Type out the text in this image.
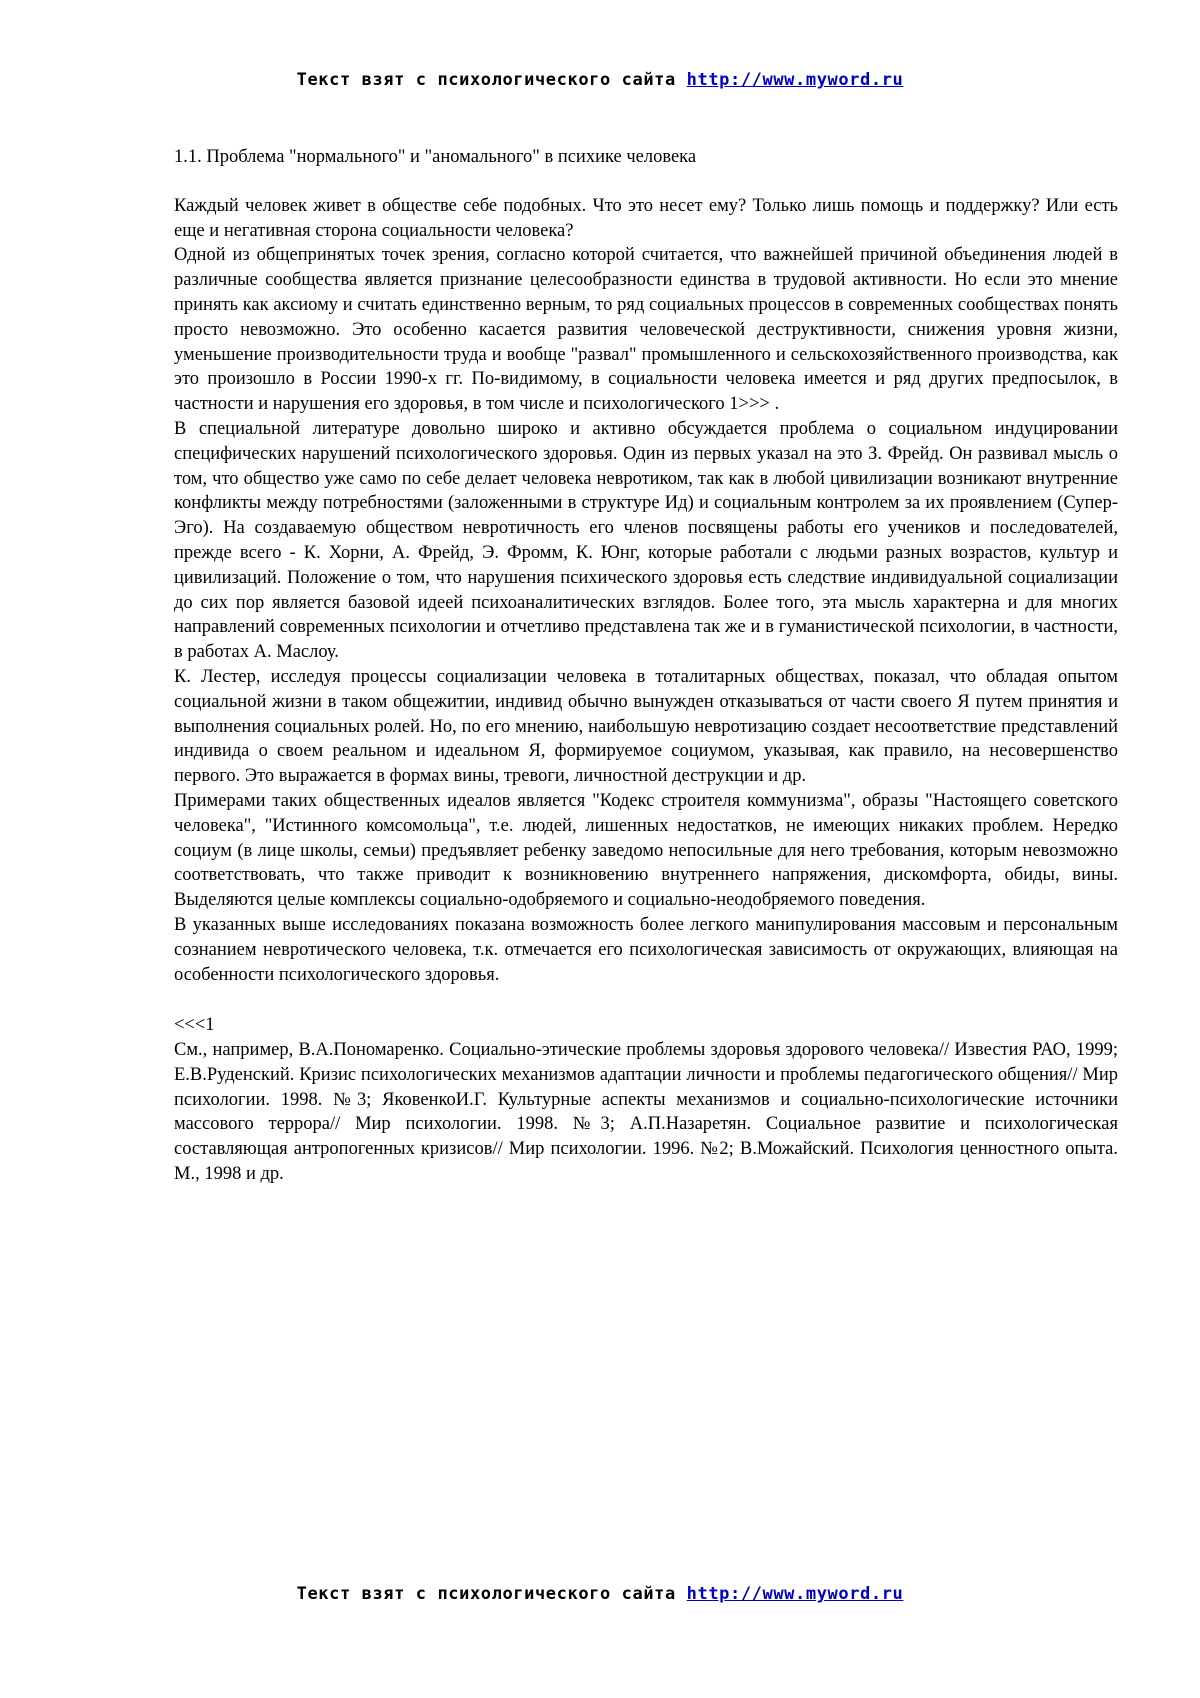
Текст взят с психологического сайта http://www.myword.ru
1.1. Проблема "нормального" и "аномального" в психике человека

Каждый человек живет в обществе себе подобных. Что это несет ему? Только лишь помощь и поддержку? Или есть еще и негативная сторона социальности человека?

Одной из общепринятых точек зрения, согласно которой считается, что важнейшей причиной объединения людей в различные сообщества является признание целесообразности единства в трудовой активности. Но если это мнение принять как аксиому и считать единственно верным, то ряд социальных процессов в современных сообществах понять просто невозможно. Это особенно касается развития человеческой деструктивности, снижения уровня жизни, уменьшение производительности труда и вообще "развал" промышленного и сельскохозяйственного производства, как это произошло в России 1990-х гг. По-видимому, в социальности человека имеется и ряд других предпосылок, в частности и нарушения его здоровья, в том числе и психологического 1>>> .

В специальной литературе довольно широко и активно обсуждается проблема о социальном индуцировании специфических нарушений психологического здоровья. Один из первых указал на это З. Фрейд. Он развивал мысль о том, что общество уже само по себе делает человека невротиком, так как в любой цивилизации возникают внутренние конфликты между потребностями (заложенными в структуре Ид) и социальным контролем за их проявлением (Супер-Эго). На создаваемую обществом невротичность его членов посвящены работы его учеников и последователей, прежде всего - К. Хорни, А. Фрейд, Э. Фромм, К. Юнг, которые работали с людьми разных возрастов, культур и цивилизаций. Положение о том, что нарушения психического здоровья есть следствие индивидуальной социализации до сих пор является базовой идеей психоаналитических взглядов. Более того, эта мысль характерна и для многих направлений современных психологии и отчетливо представлена так же и в гуманистической психологии, в частности, в работах А. Маслоу.

К. Лестер, исследуя процессы социализации человека в тоталитарных обществах, показал, что обладая опытом социальной жизни в таком общежитии, индивид обычно вынужден отказываться от части своего Я путем принятия и выполнения социальных ролей. Но, по его мнению, наибольшую невротизацию создает несоответствие представлений индивида о своем реальном и идеальном Я, формируемое социумом, указывая, как правило, на несовершенство первого. Это выражается в формах вины, тревоги, личностной деструкции и др.

Примерами таких общественных идеалов является "Кодекс строителя коммунизма", образы "Настоящего советского человека", "Истинного комсомольца", т.е. людей, лишенных недостатков, не имеющих никаких проблем. Нередко социум (в лице школы, семьи) предъявляет ребенку заведомо непосильные для него требования, которым невозможно соответствовать, что также приводит к возникновению внутреннего напряжения, дискомфорта, обиды, вины. Выделяются целые комплексы социально-одобряемого и социально-неодобряемого поведения.

В указанных выше исследованиях показана возможность более легкого манипулирования массовым и персональным сознанием невротического человека, т.к. отмечается его психологическая зависимость от окружающих, влияющая на особенности психологического здоровья.

<<<1

См., например, В.А.Пономаренко. Социально-этические проблемы здоровья здорового человека// Известия РАО, 1999; Е.В.Руденский. Кризис психологических механизмов адаптации личности и проблемы педагогического общения// Мир психологии. 1998. №3; ЯковенкоИ.Г. Культурные аспекты механизмов и социально-психологические источники массового террора// Мир психологии. 1998. №3; А.П.Назаретян. Социальное развитие и психологическая составляющая антропогенных кризисов// Мир психологии. 1996. №2; В.Можайский. Психология ценностного опыта. М., 1998 и др.

Текст взят с психологического сайта http://www.myword.ru
